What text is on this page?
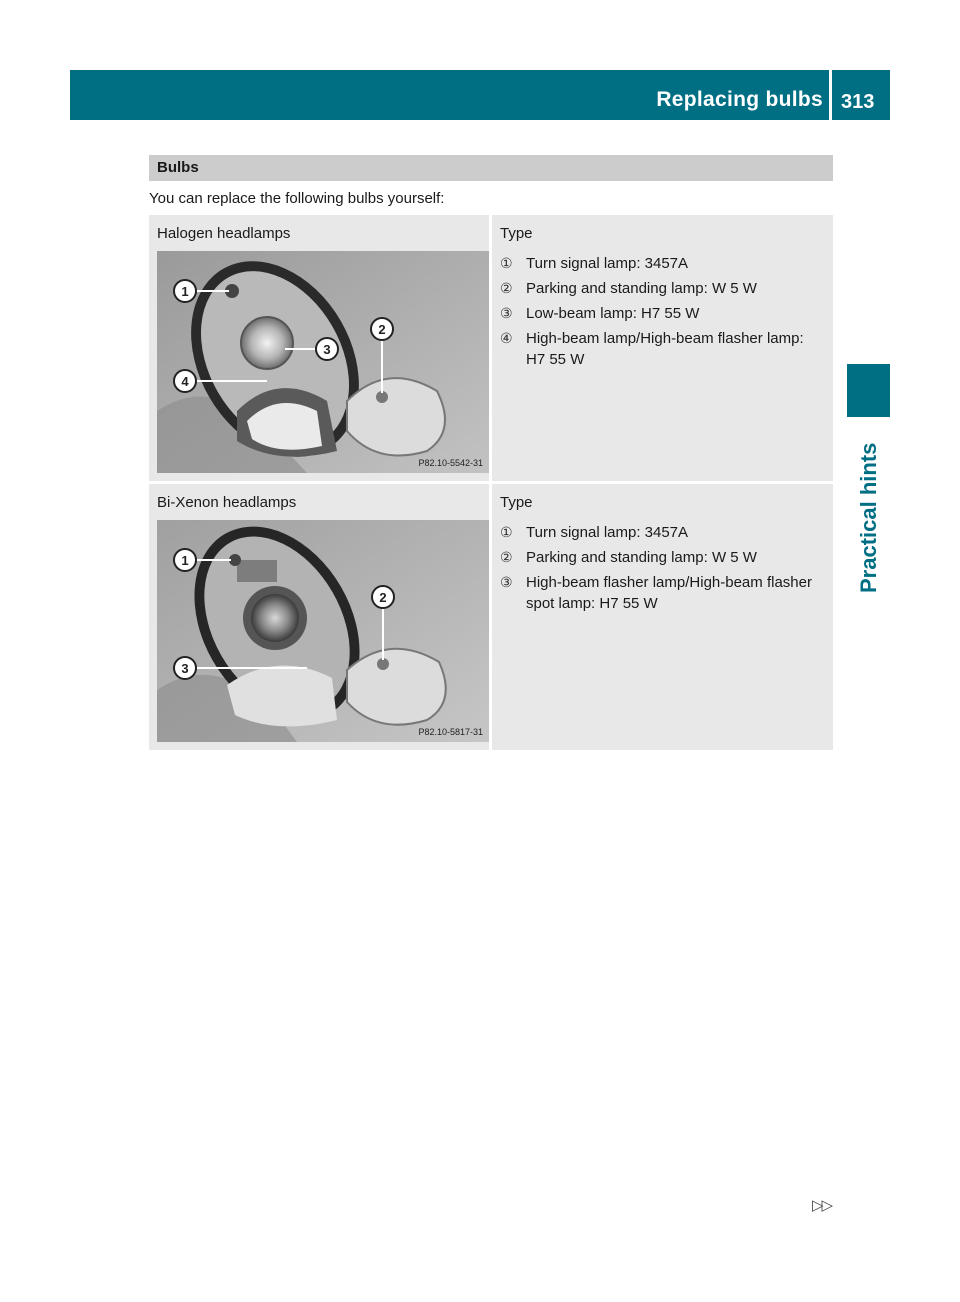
Replacing bulbs 313
Practical hints
Bulbs
You can replace the following bulbs yourself:
Halogen headlamps
1
2
3
4
P82.10-5542-31
Type
① Turn signal lamp: 3457A
② Parking and standing lamp: W 5 W
③ Low-beam lamp: H7 55 W
④ High-beam lamp/High-beam flasher lamp: H7 55 W
Bi-Xenon headlamps
1
2
3
P82.10-5817-31
Type
① Turn signal lamp: 3457A
② Parking and standing lamp: W 5 W
③ High-beam flasher lamp/High-beam flasher spot lamp: H7 55 W
▷▷
